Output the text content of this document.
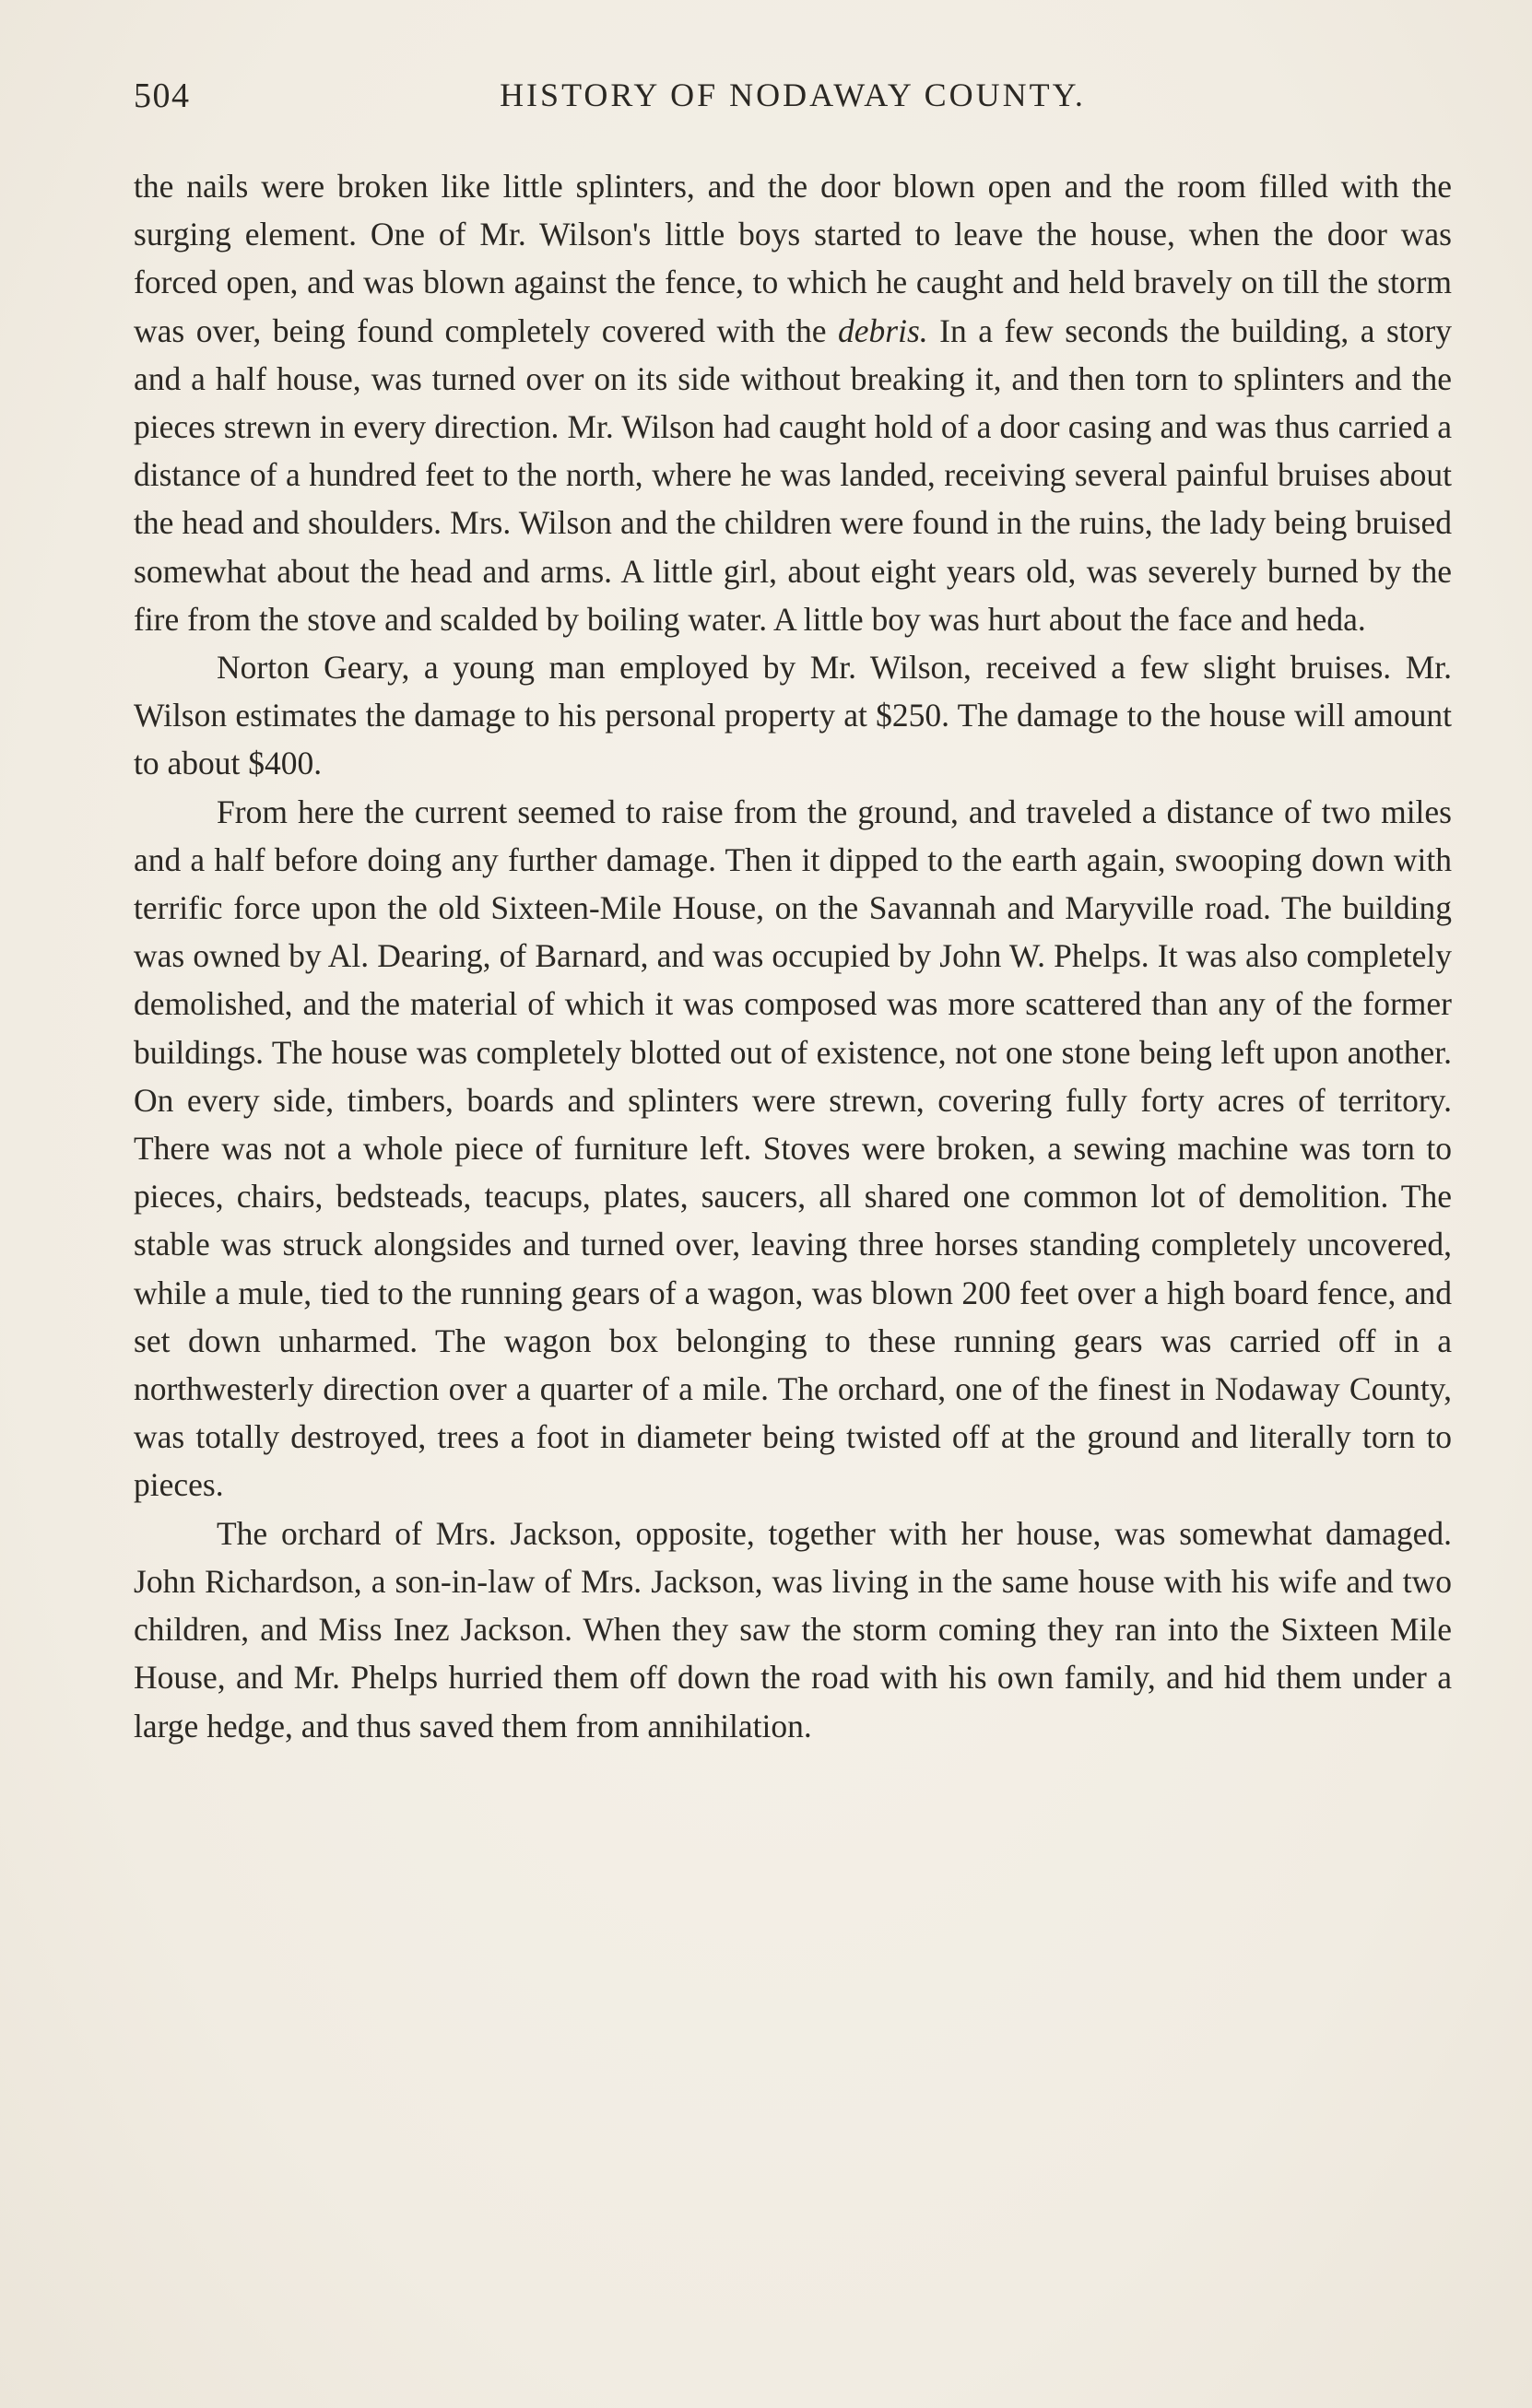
504	HISTORY OF NODAWAY COUNTY.

the nails were broken like little splinters, and the door blown open and the room filled with the surging element. One of Mr. Wilson's little boys started to leave the house, when the door was forced open, and was blown against the fence, to which he caught and held bravely on till the storm was over, being found completely covered with the debris. In a few seconds the building, a story and a half house, was turned over on its side without breaking it, and then torn to splinters and the pieces strewn in every direction. Mr. Wilson had caught hold of a door casing and was thus carried a distance of a hundred feet to the north, where he was landed, receiving several painful bruises about the head and shoulders. Mrs. Wilson and the children were found in the ruins, the lady being bruised somewhat about the head and arms. A little girl, about eight years old, was severely burned by the fire from the stove and scalded by boiling water. A little boy was hurt about the face and heda.

Norton Geary, a young man employed by Mr. Wilson, received a few slight bruises. Mr. Wilson estimates the damage to his personal property at $250. The damage to the house will amount to about $400.

From here the current seemed to raise from the ground, and traveled a distance of two miles and a half before doing any further damage. Then it dipped to the earth again, swooping down with terrific force upon the old Sixteen-Mile House, on the Savannah and Maryville road. The building was owned by Al. Dearing, of Barnard, and was occupied by John W. Phelps. It was also completely demolished, and the material of which it was composed was more scattered than any of the former buildings. The house was completely blotted out of existence, not one stone being left upon another. On every side, timbers, boards and splinters were strewn, covering fully forty acres of territory. There was not a whole piece of furniture left. Stoves were broken, a sewing machine was torn to pieces, chairs, bedsteads, teacups, plates, saucers, all shared one common lot of demolition. The stable was struck alongsides and turned over, leaving three horses standing completely uncovered, while a mule, tied to the running gears of a wagon, was blown 200 feet over a high board fence, and set down unharmed. The wagon box belonging to these running gears was carried off in a northwesterly direction over a quarter of a mile. The orchard, one of the finest in Nodaway County, was totally destroyed, trees a foot in diameter being twisted off at the ground and literally torn to pieces.

The orchard of Mrs. Jackson, opposite, together with her house, was somewhat damaged. John Richardson, a son-in-law of Mrs. Jackson, was living in the same house with his wife and two children, and Miss Inez Jackson. When they saw the storm coming they ran into the Sixteen Mile House, and Mr. Phelps hurried them off down the road with his own family, and hid them under a large hedge, and thus saved them from annihilation.
